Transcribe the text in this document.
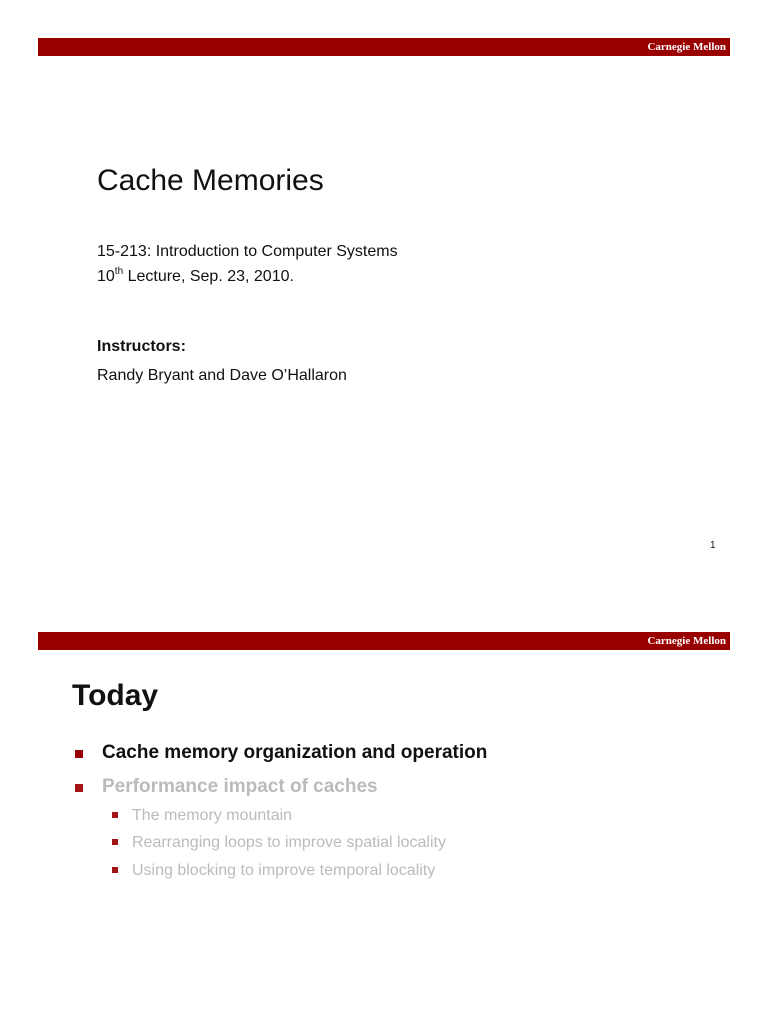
Carnegie Mellon
Cache Memories
15-213: Introduction to Computer Systems
10th Lecture, Sep. 23, 2010.
Instructors:
Randy Bryant and Dave O’Hallaron
1
Carnegie Mellon
Today
Cache memory organization and operation
Performance impact of caches
The memory mountain
Rearranging loops to improve spatial locality
Using blocking to improve temporal locality
